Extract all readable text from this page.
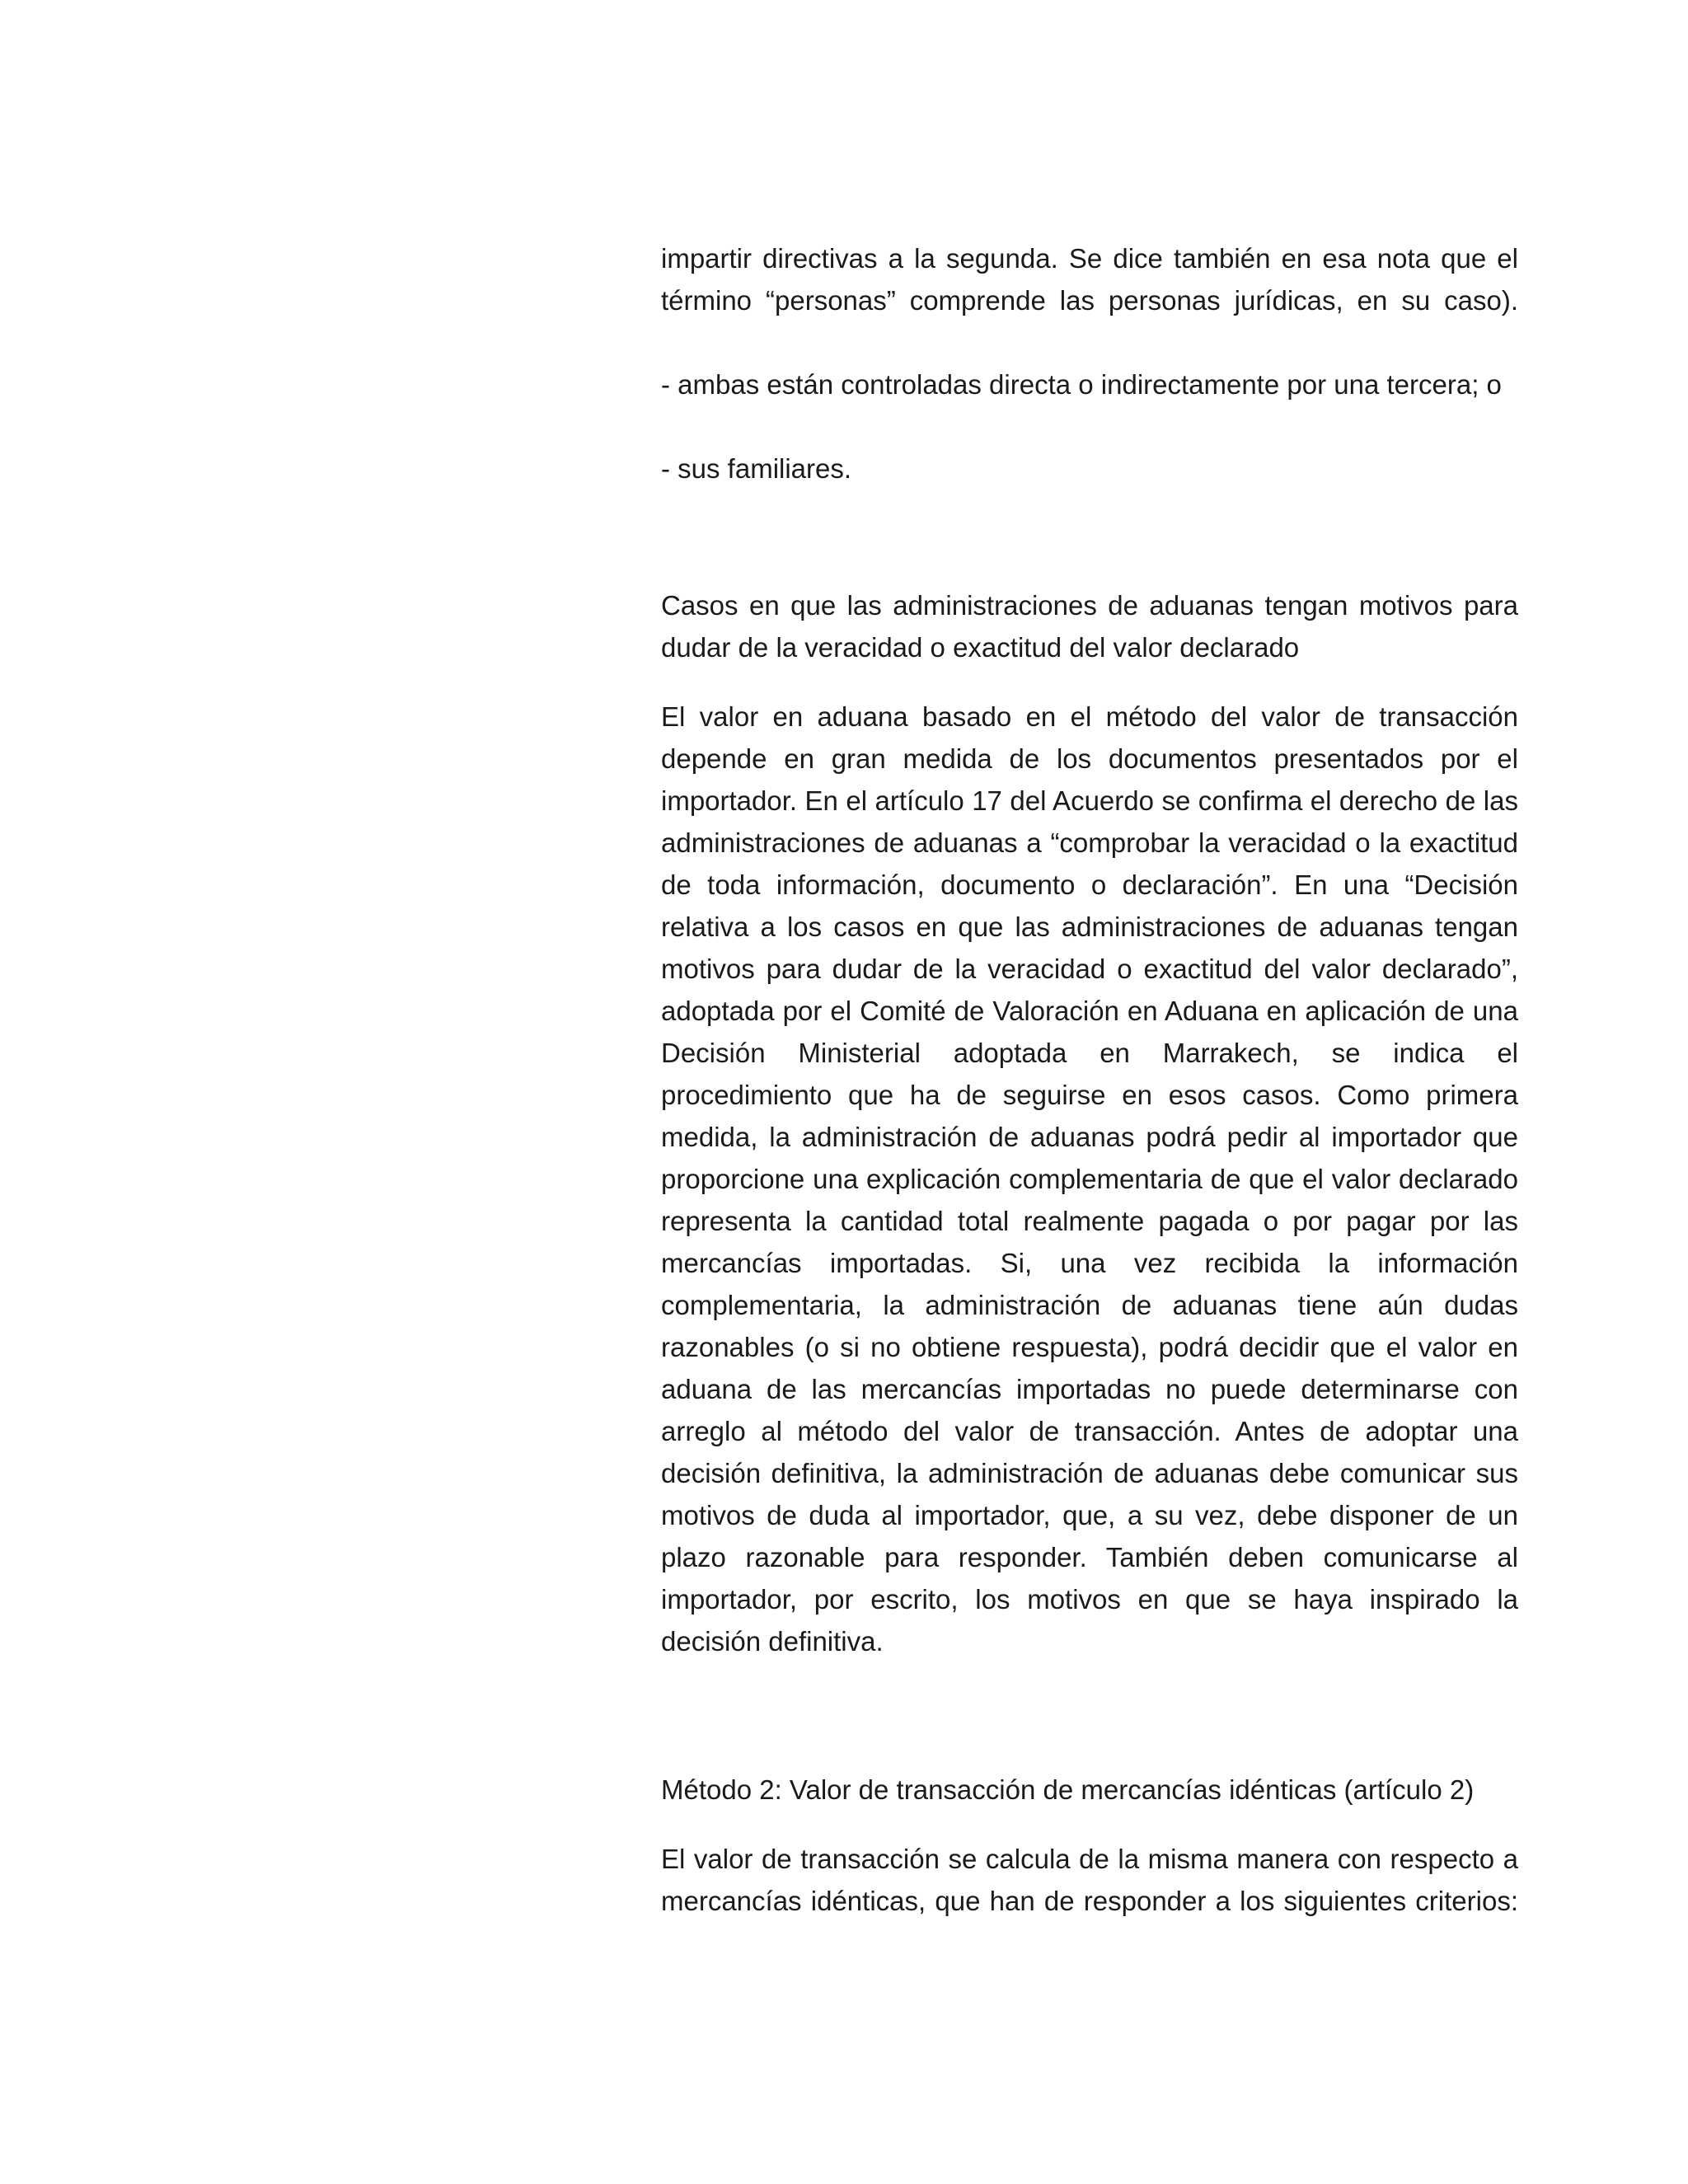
impartir directivas a la segunda. Se dice también en esa nota que el término “personas” comprende las personas jurídicas, en su caso).

- ambas están controladas directa o indirectamente por una tercera; o

- sus familiares.

Casos en que las administraciones de aduanas tengan motivos para dudar de la veracidad o exactitud del valor declarado

El valor en aduana basado en el método del valor de transacción depende en gran medida de los documentos presentados por el importador. En el artículo 17 del Acuerdo se confirma el derecho de las administraciones de aduanas a “comprobar la veracidad o la exactitud de toda información, documento o declaración”. En una “Decisión relativa a los casos en que las administraciones de aduanas tengan motivos para dudar de la veracidad o exactitud del valor declarado”, adoptada por el Comité de Valoración en Aduana en aplicación de una Decisión Ministerial adoptada en Marrakech, se indica el procedimiento que ha de seguirse en esos casos. Como primera medida, la administración de aduanas podrá pedir al importador que proporcione una explicación complementaria de que el valor declarado representa la cantidad total realmente pagada o por pagar por las mercancías importadas. Si, una vez recibida la información complementaria, la administración de aduanas tiene aún dudas razonables (o si no obtiene respuesta), podrá decidir que el valor en aduana de las mercancías importadas no puede determinarse con arreglo al método del valor de transacción. Antes de adoptar una decisión definitiva, la administración de aduanas debe comunicar sus motivos de duda al importador, que, a su vez, debe disponer de un plazo razonable para responder. También deben comunicarse al importador, por escrito, los motivos en que se haya inspirado la decisión definitiva.

Método 2: Valor de transacción de mercancías idénticas (artículo 2)

El valor de transacción se calcula de la misma manera con respecto a mercancías idénticas, que han de responder a los siguientes criterios:
